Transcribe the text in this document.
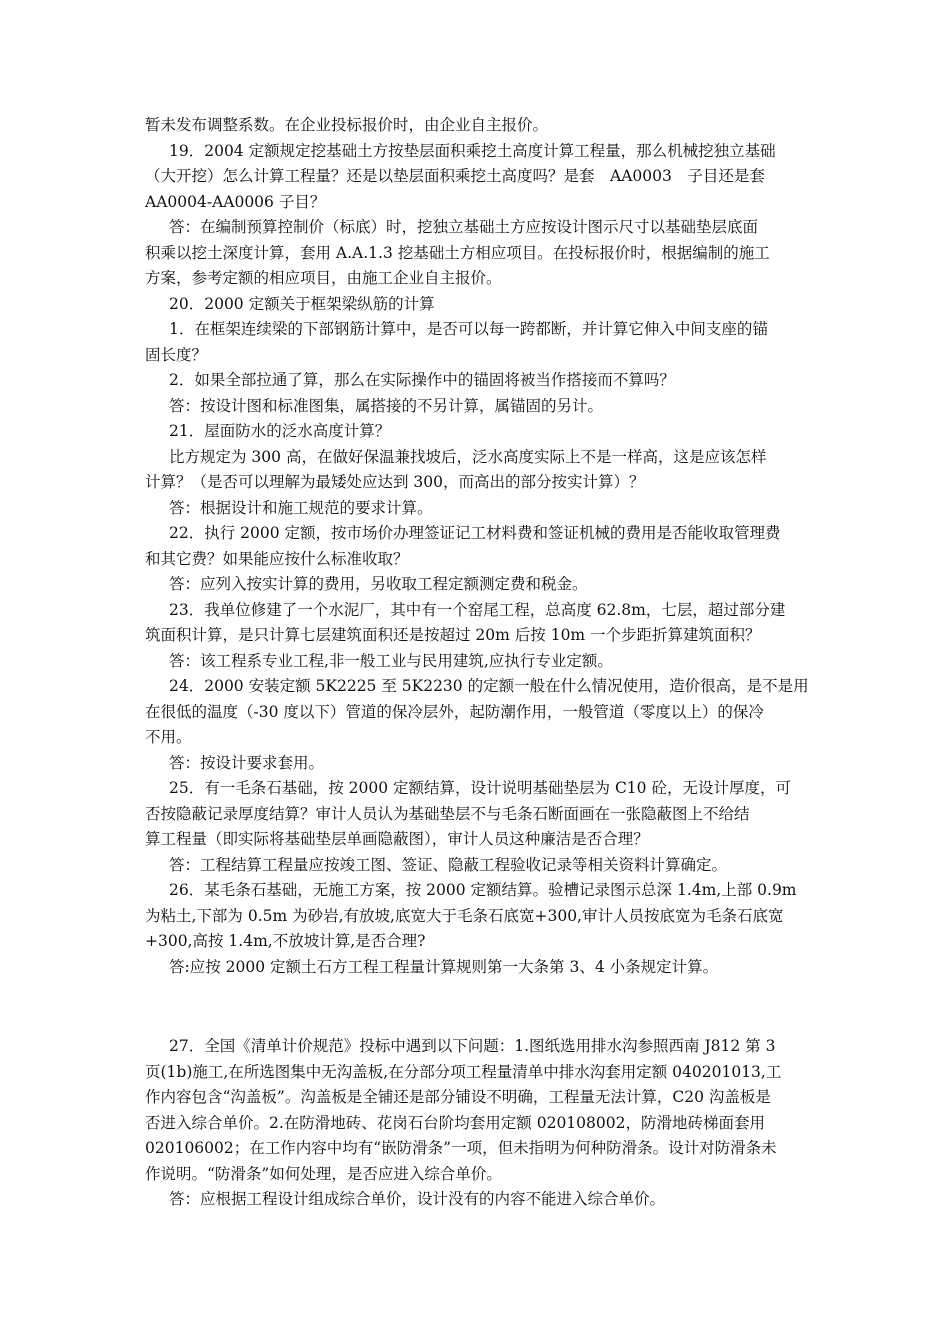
暂未发布调整系数。在企业投标报价时，由企业自主报价。
19．2004 定额规定挖基础土方按垫层面积乘挖土高度计算工程量，那么机械挖独立基础
（大开挖）怎么计算工程量？还是以垫层面积乘挖土高度吗？是套　AA0003　子目还是套
AA0004-AA0006 子目？
答：在编制预算控制价（标底）时，挖独立基础土方应按设计图示尺寸以基础垫层底面
积乘以挖土深度计算，套用 A.A.1.3 挖基础土方相应项目。在投标报价时，根据编制的施工
方案，参考定额的相应项目，由施工企业自主报价。
20．2000 定额关于框架梁纵筋的计算
1．在框架连续梁的下部钢筋计算中，是否可以每一跨都断，并计算它伸入中间支座的锚
固长度？
2．如果全部拉通了算，那么在实际操作中的锚固将被当作搭接而不算吗？
答：按设计图和标准图集，属搭接的不另计算，属锚固的另计。
21．屋面防水的泛水高度计算？
比方规定为 300 高，在做好保温兼找坡后，泛水高度实际上不是一样高，这是应该怎样
计算？（是否可以理解为最矮处应达到 300，而高出的部分按实计算）？
答：根据设计和施工规范的要求计算。
22．执行 2000 定额，按市场价办理签证记工材料费和签证机械的费用是否能收取管理费
和其它费？如果能应按什么标准收取？
答：应列入按实计算的费用，另收取工程定额测定费和税金。
23．我单位修建了一个水泥厂，其中有一个窑尾工程，总高度 62.8m，七层，超过部分建
筑面积计算，是只计算七层建筑面积还是按超过 20m 后按 10m 一个步距折算建筑面积？
答：该工程系专业工程,非一般工业与民用建筑,应执行专业定额。
24．2000 安装定额 5K2225 至 5K2230 的定额一般在什么情况使用，造价很高，是不是用
在很低的温度（-30 度以下）管道的保冷层外，起防潮作用，一般管道（零度以上）的保冷
不用。
答：按设计要求套用。
25．有一毛条石基础，按 2000 定额结算，设计说明基础垫层为 C10 砼，无设计厚度，可
否按隐蔽记录厚度结算？审计人员认为基础垫层不与毛条石断面画在一张隐蔽图上不给结
算工程量（即实际将基础垫层单画隐蔽图），审计人员这种廉洁是否合理？
答：工程结算工程量应按竣工图、签证、隐蔽工程验收记录等相关资料计算确定。
26．某毛条石基础，无施工方案，按 2000 定额结算。验槽记录图示总深 1.4m,上部 0.9m
为粘土,下部为 0.5m 为砂岩,有放坡,底宽大于毛条石底宽+300,审计人员按底宽为毛条石底宽
+300,高按 1.4m,不放坡计算,是否合理?
答:应按 2000 定额土石方工程工程量计算规则第一大条第 3、4 小条规定计算。
27．全国《清单计价规范》投标中遇到以下问题：1.图纸选用排水沟参照西南 J812 第 3
页(1b)施工,在所选图集中无沟盖板,在分部分项工程量清单中排水沟套用定额 040201013,工
作内容包含“沟盖板”。沟盖板是全铺还是部分铺设不明确，工程量无法计算，C20 沟盖板是
否进入综合单价。2.在防滑地砖、花岗石台阶均套用定额 020108002，防滑地砖梯面套用
020106002；在工作内容中均有“嵌防滑条”一项，但未指明为何种防滑条。设计对防滑条未
作说明。“防滑条”如何处理，是否应进入综合单价。
答：应根据工程设计组成综合单价，设计没有的内容不能进入综合单价。
